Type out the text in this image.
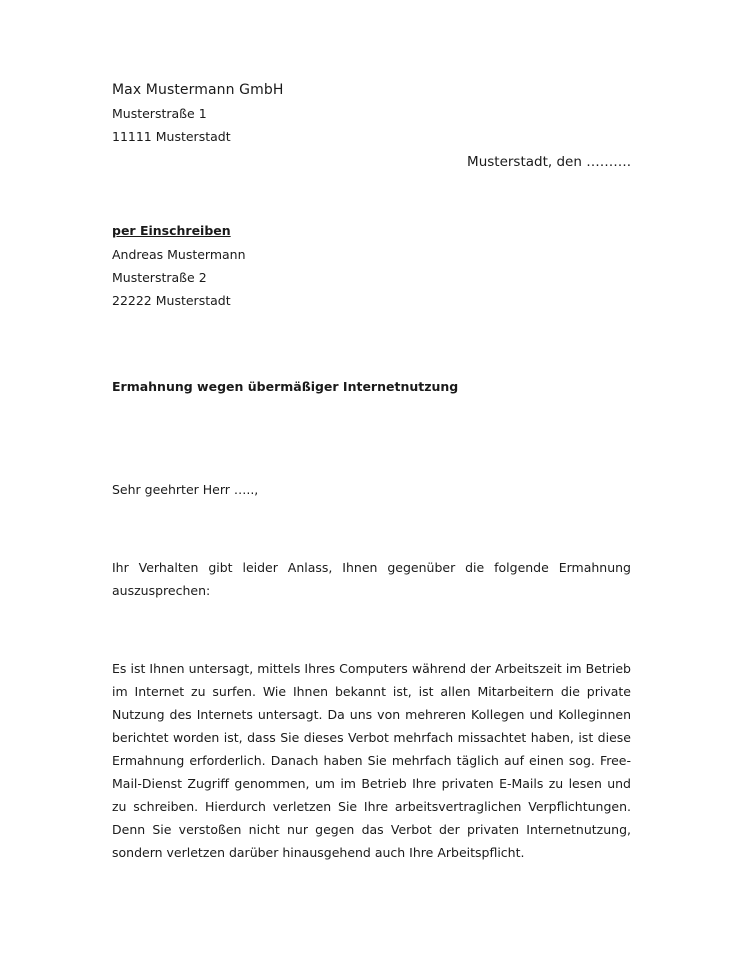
Max Mustermann GmbH
Musterstraße 1
11111 Musterstadt
Musterstadt, den ……….
per Einschreiben
Andreas Mustermann
Musterstraße 2
22222 Musterstadt
Ermahnung wegen übermäßiger Internetnutzung
Sehr geehrter Herr …..,
Ihr Verhalten gibt leider Anlass, Ihnen gegenüber die folgende Ermahnung auszusprechen:
Es ist Ihnen untersagt, mittels Ihres Computers während der Arbeitszeit im Betrieb im Internet zu surfen. Wie Ihnen bekannt ist, ist allen Mitarbeitern die private Nutzung des Internets untersagt. Da uns von mehreren Kollegen und Kolleginnen berichtet worden ist, dass Sie dieses Verbot mehrfach missachtet haben, ist diese Ermahnung erforderlich. Danach haben Sie mehrfach täglich auf einen sog. Free-Mail-Dienst Zugriff genommen, um im Betrieb Ihre privaten E-Mails zu lesen und zu schreiben. Hierdurch verletzen Sie Ihre arbeitsvertraglichen Verpflichtungen. Denn Sie verstoßen nicht nur gegen das Verbot der privaten Internetnutzung, sondern verletzen darüber hinausgehend auch Ihre Arbeitspflicht.
